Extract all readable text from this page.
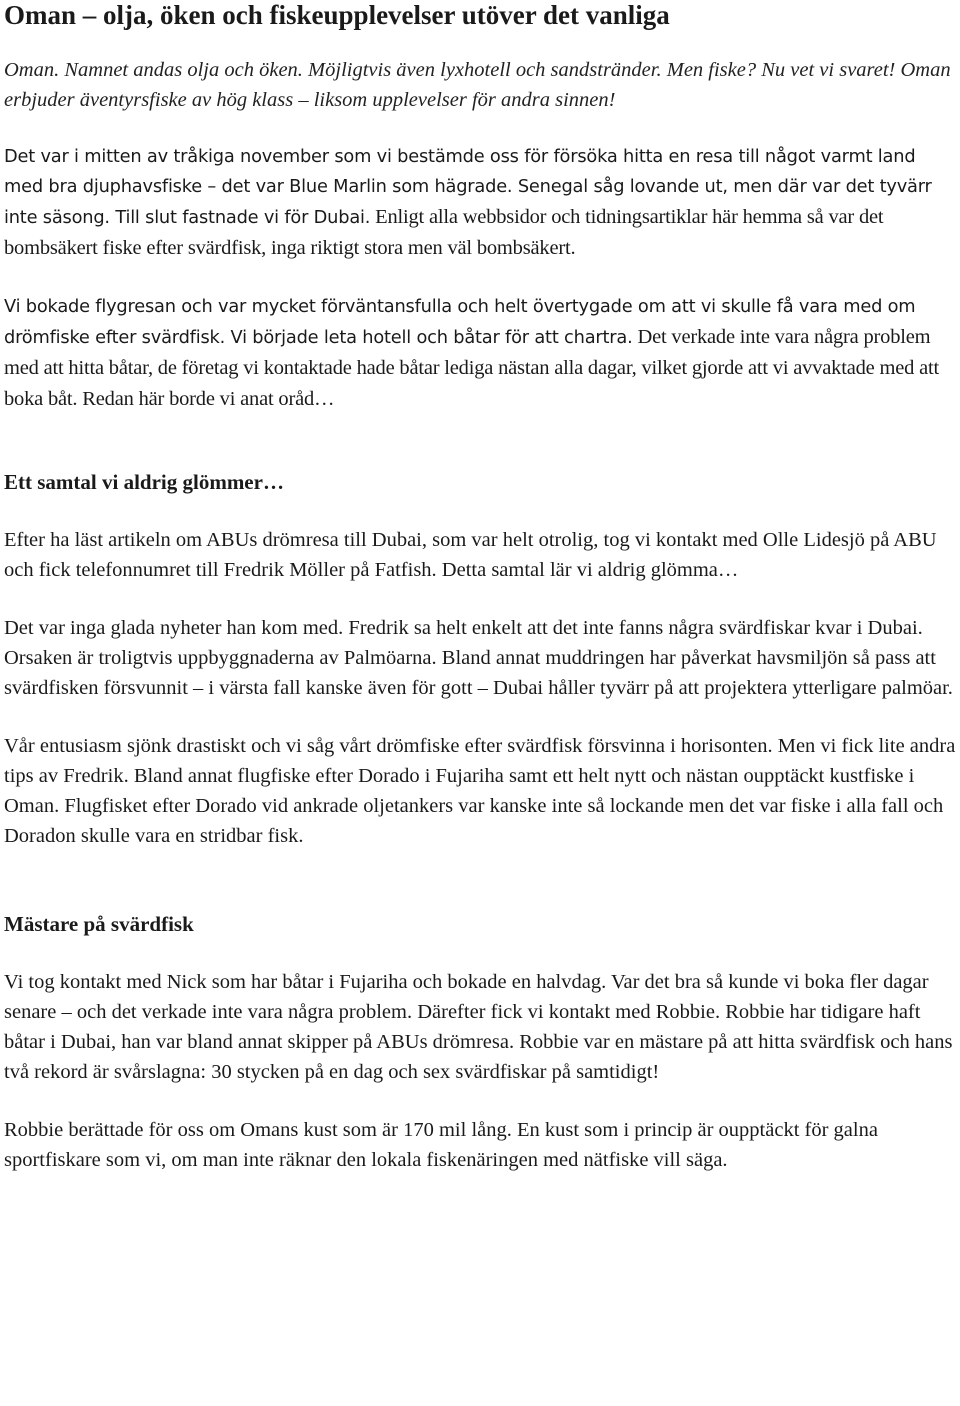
Oman – olja, öken och fiskeupplevelser utöver det vanliga

Oman. Namnet andas olja och öken. Möjligtvis även lyxhotell och sandstränder. Men fiske? Nu vet vi svaret! Oman erbjuder äventyrsfiske av hög klass – liksom upplevelser för andra sinnen!

Det var i mitten av tråkiga november som vi bestämde oss för försöka hitta en resa till något varmt land med bra djuphavsfiske – det var Blue Marlin som hägrade. Senegal såg lovande ut, men där var det tyvärr inte säsong. Till slut fastnade vi för Dubai. Enligt alla webbsidor och tidningsartiklar här hemma så var det bombsäkert fiske efter svärdfisk, inga riktigt stora men väl bombsäkert.

Vi bokade flygresan och var mycket förväntansfulla och helt övertygade om att vi skulle få vara med om drömfiske efter svärdfisk. Vi började leta hotell och båtar för att chartra. Det verkade inte vara några problem med att hitta båtar, de företag vi kontaktade hade båtar lediga nästan alla dagar, vilket gjorde att vi avvaktade med att boka båt. Redan här borde vi anat oråd…

Ett samtal vi aldrig glömmer…

Efter ha läst artikeln om ABUs drömresa till Dubai, som var helt otrolig, tog vi kontakt med Olle Lidesjö på ABU och fick telefonnumret till Fredrik Möller på Fatfish. Detta samtal lär vi aldrig glömma…

Det var inga glada nyheter han kom med. Fredrik sa helt enkelt att det inte fanns några svärdfiskar kvar i Dubai. Orsaken är troligtvis uppbyggnaderna av Palmöarna. Bland annat muddringen har påverkat havsmiljön så pass att svärdfisken försvunnit – i värsta fall kanske även för gott – Dubai håller tyvärr på att projektera ytterligare palmöar.

Vår entusiasm sjönk drastiskt och vi såg vårt drömfiske efter svärdfisk försvinna i horisonten. Men vi fick lite andra tips av Fredrik. Bland annat flugfiske efter Dorado i Fujariha samt ett helt nytt och nästan oupptäckt kustfiske i Oman. Flugfisket efter Dorado vid ankrade oljetankers var kanske inte så lockande men det var fiske i alla fall och Doradon skulle vara en stridbar fisk.

Mästare på svärdfisk

Vi tog kontakt med Nick som har båtar i Fujariha och bokade en halvdag. Var det bra så kunde vi boka fler dagar senare – och det verkade inte vara några problem. Därefter fick vi kontakt med Robbie. Robbie har tidigare haft båtar i Dubai, han var bland annat skipper på ABUs drömresa. Robbie var en mästare på att hitta svärdfisk och hans två rekord är svårslagna: 30 stycken på en dag och sex svärdfiskar på samtidigt!

Robbie berättade för oss om Omans kust som är 170 mil lång. En kust som i princip är oupptäckt för galna sportfiskare som vi, om man inte räknar den lokala fiskenäringen med nätfiske vill säga.
